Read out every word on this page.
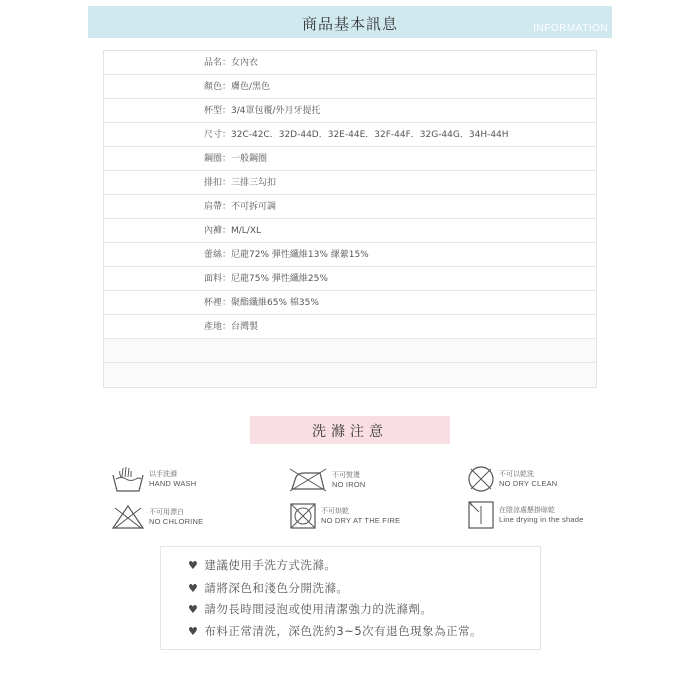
商品基本訊息	INFORMATION
品名：女內衣
顏色：膚色/黑色
杯型：3/4罩包覆/外月牙提托
尺寸：32C-42C．32D-44D．32E-44E．32F-44F．32G-44G．34H-44H
鋼圈：一般鋼圈
排扣：三排三勾扣
肩帶：不可拆可調
內褲：M/L/XL
蕾絲：尼龍72% 彈性纖維13% 縲縈15%
面料：尼龍75% 彈性纖維25%
杯裡：聚酯纖維65% 棉35%
產地：台灣製
洗滌注意
以手洗滌
HAND WASH
不可熨燙
NO IRON
不可以乾洗
NO DRY CLEAN
不可用漂白
NO CHLORINE
不可烘乾
NO DRY AT THE FIRE
在陰涼處懸掛晾乾
Line drying in the shade
♥ 建議使用手洗方式洗滌。
♥ 請將深色和淺色分開洗滌。
♥ 請勿長時間浸泡或使用清潔強力的洗滌劑。
♥ 布料正常清洗，深色洗約3~5次有退色現象為正常。
